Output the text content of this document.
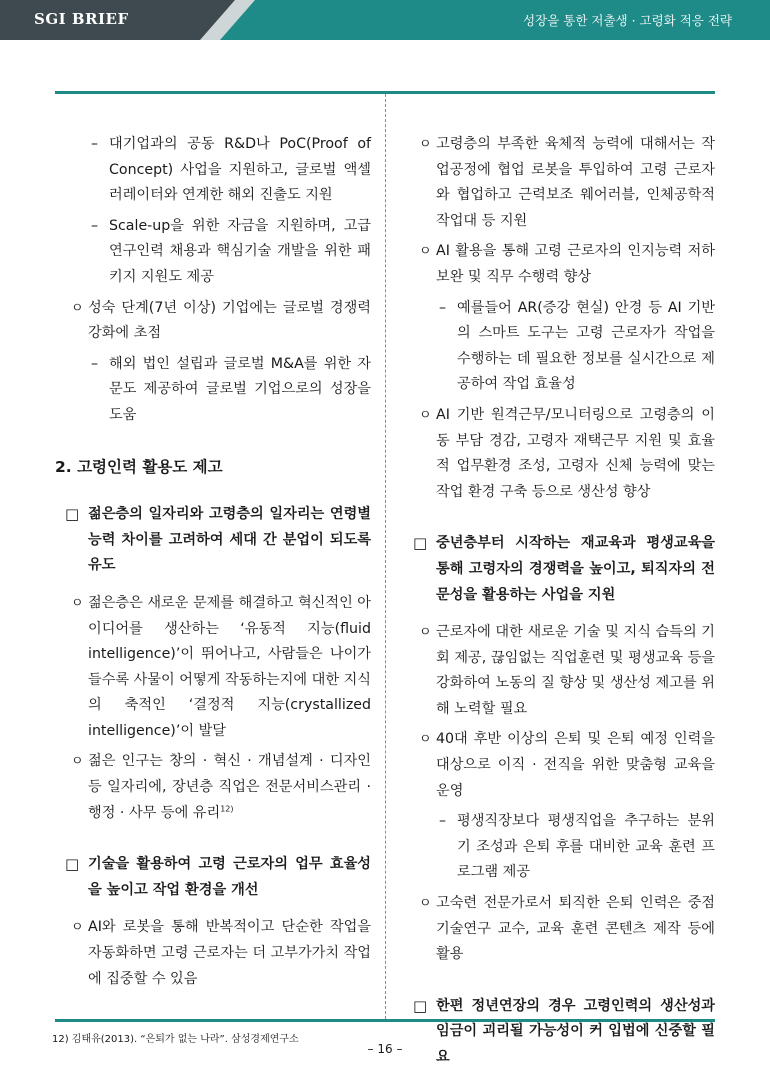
SGI BRIEF	성장을 통한 저출생 · 고령화 적응 전략
– 대기업과의 공동 R&D나 PoC(Proof of Concept) 사업을 지원하고, 글로벌 액셀러레이터와 연계한 해외 진출도 지원
– Scale-up을 위한 자금을 지원하며, 고급 연구인력 채용과 핵심기술 개발을 위한 패키지 지원도 제공
ㅇ 성숙 단계(7년 이상) 기업에는 글로벌 경쟁력 강화에 초점
– 해외 법인 설립과 글로벌 M&A를 위한 자문도 제공하여 글로벌 기업으로의 성장을 도움
2. 고령인력 활용도 제고
□ 젊은층의 일자리와 고령층의 일자리는 연령별 능력 차이를 고려하여 세대 간 분업이 되도록 유도
ㅇ 젊은층은 새로운 문제를 해결하고 혁신적인 아이디어를 생산하는 ‘유동적 지능(fluid intelligence)’이 뛰어나고, 사람들은 나이가 들수록 사물이 어떻게 작동하는지에 대한 지식의 축적인 ‘결정적 지능(crystallized intelligence)’이 발달
ㅇ 젊은 인구는 창의 · 혁신 · 개념설계 · 디자인 등 일자리에, 장년층 직업은 전문서비스관리 · 행정 · 사무 등에 유리$^{12)}$
□ 기술을 활용하여 고령 근로자의 업무 효율성을 높이고 작업 환경을 개선
ㅇ AI와 로봇을 통해 반복적이고 단순한 작업을 자동화하면 고령 근로자는 더 고부가가치 작업에 집중할 수 있음
ㅇ 고령층의 부족한 육체적 능력에 대해서는 작업공정에 협업 로봇을 투입하여 고령 근로자와 협업하고 근력보조 웨어러블, 인체공학적 작업대 등 지원
ㅇ AI 활용을 통해 고령 근로자의 인지능력 저하 보완 및 직무 수행력 향상
– 예를들어 AR(증강 현실) 안경 등 AI 기반의 스마트 도구는 고령 근로자가 작업을 수행하는 데 필요한 정보를 실시간으로 제공하여 작업 효율성
ㅇ AI 기반 원격근무/모니터링으로 고령층의 이동 부담 경감, 고령자 재택근무 지원 및 효율적 업무환경 조성, 고령자 신체 능력에 맞는 작업 환경 구축 등으로 생산성 향상
□ 중년층부터 시작하는 재교육과 평생교육을 통해 고령자의 경쟁력을 높이고, 퇴직자의 전문성을 활용하는 사업을 지원
ㅇ 근로자에 대한 새로운 기술 및 지식 습득의 기회 제공, 끊임없는 직업훈련 및 평생교육 등을 강화하여 노동의 질 향상 및 생산성 제고를 위해 노력할 필요
ㅇ 40대 후반 이상의 은퇴 및 은퇴 예정 인력을 대상으로 이직 · 전직을 위한 맞춤형 교육을 운영
– 평생직장보다 평생직업을 추구하는 분위기 조성과 은퇴 후를 대비한 교육 훈련 프로그램 제공
ㅇ 고숙련 전문가로서 퇴직한 은퇴 인력은 중점기술연구 교수, 교육 훈련 콘텐츠 제작 등에 활용
□ 한편 정년연장의 경우 고령인력의 생산성과 임금이 괴리될 가능성이 커 입법에 신중할 필요
12) 김태유(2013). “은퇴가 없는 나라”. 삼성경제연구소
– 16 –
